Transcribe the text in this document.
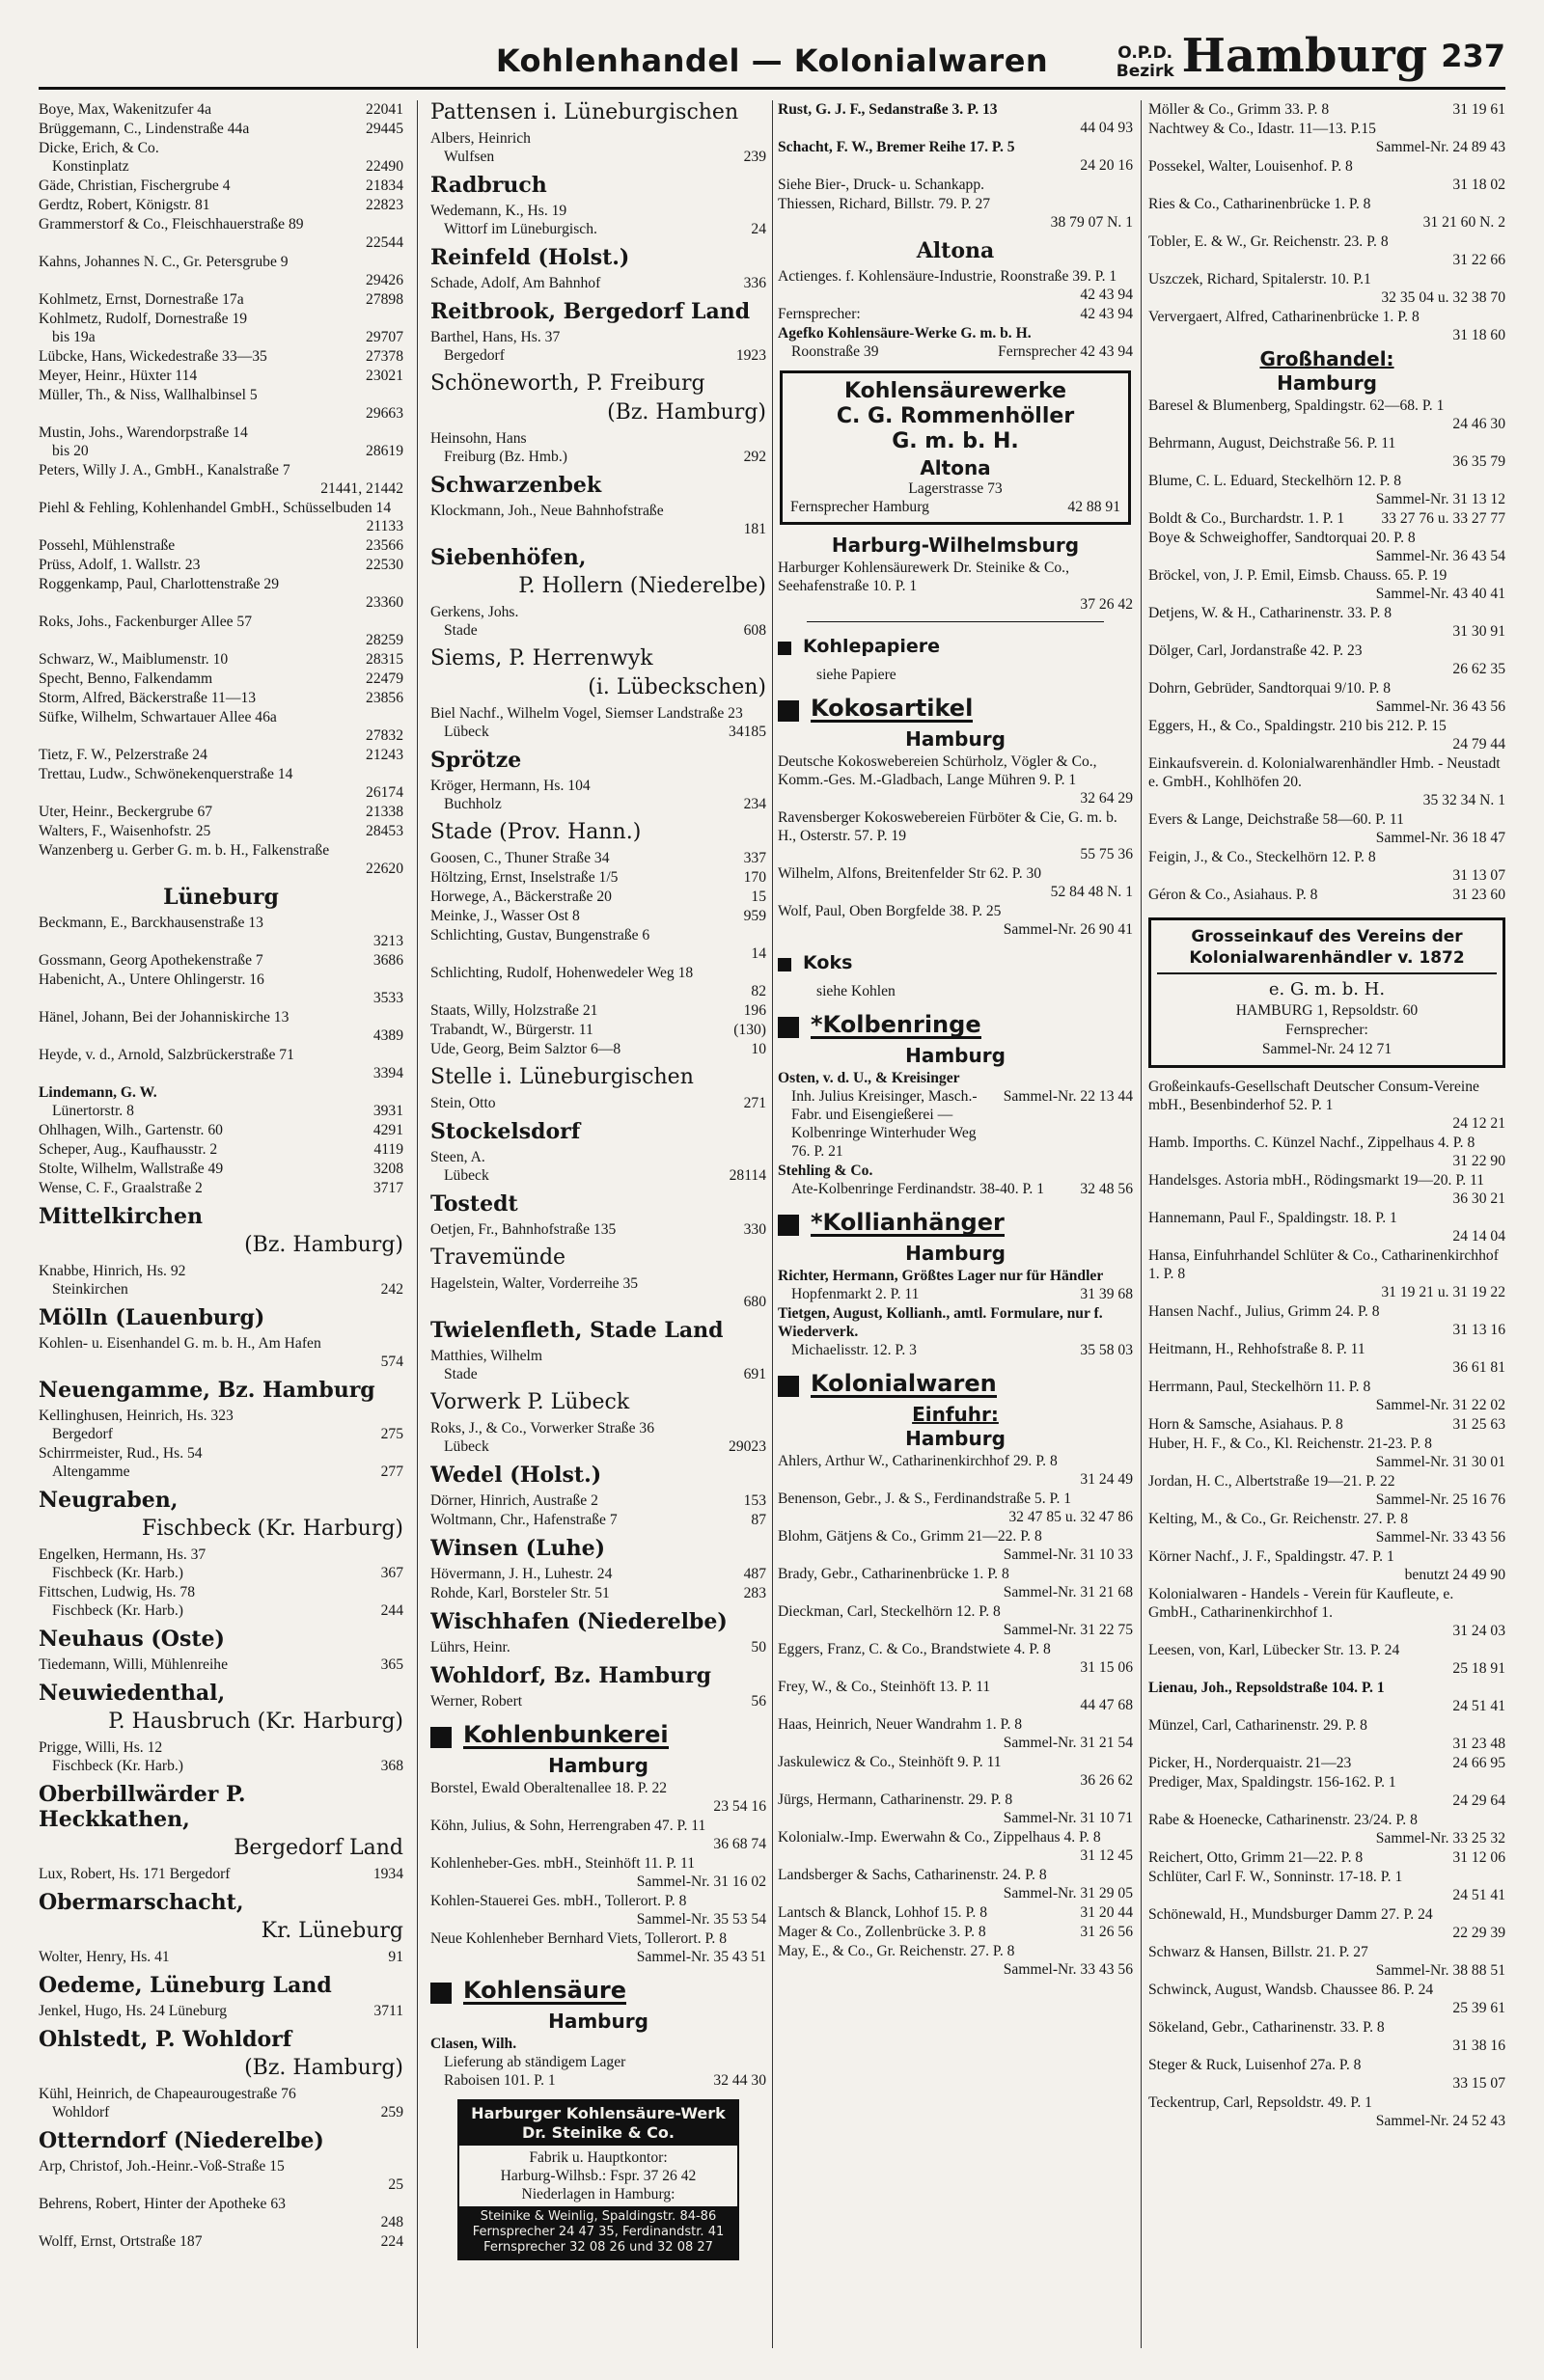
Kohlenhandel — Kolonialwaren	O.P.D.
Bezirk Hamburg 237
Boye, Max, Wakenitzufer 4a	22041
Brüggemann, C., Lindenstraße 44a	29445
Dicke, Erich, & Co.
Konstinplatz	22490
Gäde, Christian, Fischergrube 4	21834
Gerdtz, Robert, Königstr. 81	22823
Grammerstorf & Co., Fleischhauerstraße 89
22544
Kahns, Johannes N. C., Gr. Petersgrube 9
29426
Kohlmetz, Ernst, Dornestraße 17a	27898
Kohlmetz, Rudolf, Dornestraße 19
bis 19a	29707
Lübcke, Hans, Wickedestraße 33—35	27378
Meyer, Heinr., Hüxter 114	23021
Müller, Th., & Niss, Wallhalbinsel 5
29663
Mustin, Johs., Warendorpstraße 14
bis 20	28619
Peters, Willy J. A., GmbH., Kanalstraße 7
21441, 21442
Piehl & Fehling, Kohlenhandel GmbH., Schüsselbuden 14
21133
Possehl, Mühlenstraße	23566
Prüss, Adolf, 1. Wallstr. 23	22530
Roggenkamp, Paul, Charlottenstraße 29
23360
Roks, Johs., Fackenburger Allee 57
28259
Schwarz, W., Maiblumenstr. 10	28315
Specht, Benno, Falkendamm	22479
Storm, Alfred, Bäckerstraße 11—13	23856
Süfke, Wilhelm, Schwartauer Allee 46a
27832
Tietz, F. W., Pelzerstraße 24	21243
Trettau, Ludw., Schwönekenquerstraße 14
26174
Uter, Heinr., Beckergrube 67	21338
Walters, F., Waisenhofstr. 25	28453
Wanzenberg u. Gerber G. m. b. H., Falkenstraße
22620
Lüneburg
Beckmann, E., Barckhausenstraße 13
3213
Gossmann, Georg Apothekenstraße 7	3686
Habenicht, A., Untere Ohlingerstr. 16
3533
Hänel, Johann, Bei der Johanniskirche 13
4389
Heyde, v. d., Arnold, Salzbrückerstraße 71
3394
Lindemann, G. W.
Lünertorstr. 8	3931
Ohlhagen, Wilh., Gartenstr. 60	4291
Scheper, Aug., Kaufhausstr. 2	4119
Stolte, Wilhelm, Wallstraße 49	3208
Wense, C. F., Graalstraße 2	3717
Mittelkirchen
(Bz. Hamburg)
Knabbe, Hinrich, Hs. 92
Steinkirchen	242
Mölln (Lauenburg)
Kohlen- u. Eisenhandel G. m. b. H., Am Hafen
574
Neuengamme, Bz. Hamburg
Kellinghusen, Heinrich, Hs. 323
Bergedorf	275
Schirrmeister, Rud., Hs. 54
Altengamme	277
Neugraben,
Fischbeck (Kr. Harburg)
Engelken, Hermann, Hs. 37
Fischbeck (Kr. Harb.)	367
Fittschen, Ludwig, Hs. 78
Fischbeck (Kr. Harb.)	244
Neuhaus (Oste)
Tiedemann, Willi, Mühlenreihe	365
Neuwiedenthal,
P. Hausbruch (Kr. Harburg)
Prigge, Willi, Hs. 12
Fischbeck (Kr. Harb.)	368
Oberbillwärder P. Heckkathen,
Bergedorf Land
Lux, Robert, Hs. 171 Bergedorf	1934
Obermarschacht,
Kr. Lüneburg
Wolter, Henry, Hs. 41	91
Oedeme, Lüneburg Land
Jenkel, Hugo, Hs. 24 Lüneburg	3711
Ohlstedt, P. Wohldorf
(Bz. Hamburg)
Kühl, Heinrich, de Chapeaurougestraße 76
Wohldorf	259
Otterndorf (Niederelbe)
Arp, Christof, Joh.-Heinr.-Voß-Straße 15
25
Behrens, Robert, Hinter der Apotheke 63
248
Wolff, Ernst, Ortstraße 187	224
Pattensen i. Lüneburgischen
Albers, Heinrich
Wulfsen	239
Radbruch
Wedemann, K., Hs. 19
Wittorf im Lüneburgisch.	24
Reinfeld (Holst.)
Schade, Adolf, Am Bahnhof	336
Reitbrook, Bergedorf Land
Barthel, Hans, Hs. 37
Bergedorf	1923
Schöneworth, P. Freiburg
(Bz. Hamburg)
Heinsohn, Hans
Freiburg (Bz. Hmb.)	292
Schwarzenbek
Klockmann, Joh., Neue Bahnhofstraße
181
Siebenhöfen,
P. Hollern (Niederelbe)
Gerkens, Johs.
Stade	608
Siems, P. Herrenwyk
(i. Lübeckschen)
Biel Nachf., Wilhelm Vogel, Siemser Landstraße 23
Lübeck	34185
Sprötze
Kröger, Hermann, Hs. 104
Buchholz	234
Stade (Prov. Hann.)
Goosen, C., Thuner Straße 34	337
Höltzing, Ernst, Inselstraße 1/5	170
Horwege, A., Bäckerstraße 20	15
Meinke, J., Wasser Ost 8	959
Schlichting, Gustav, Bungenstraße 6
14
Schlichting, Rudolf, Hohenwedeler Weg 18
82
Staats, Willy, Holzstraße 21	196
Trabandt, W., Bürgerstr. 11	(130)
Ude, Georg, Beim Salztor 6—8	10
Stelle i. Lüneburgischen
Stein, Otto	271
Stockelsdorf
Steen, A.
Lübeck	28114
Tostedt
Oetjen, Fr., Bahnhofstraße 135	330
Travemünde
Hagelstein, Walter, Vorderreihe 35
680
Twielenfleth, Stade Land
Matthies, Wilhelm
Stade	691
Vorwerk P. Lübeck
Roks, J., & Co., Vorwerker Straße 36
Lübeck	29023
Wedel (Holst.)
Dörner, Hinrich, Austraße 2	153
Woltmann, Chr., Hafenstraße 7	87
Winsen (Luhe)
Hövermann, J. H., Luhestr. 24	487
Rohde, Karl, Borsteler Str. 51	283
Wischhafen (Niederelbe)
Lührs, Heinr.	50
Wohldorf, Bz. Hamburg
Werner, Robert	56
Kohlenbunkerei
Hamburg
Borstel, Ewald Oberaltenallee 18. P. 22
23 54 16
Köhn, Julius, & Sohn, Herrengraben 47. P. 11
36 68 74
Kohlenheber-Ges. mbH., Steinhöft 11. P. 11
Sammel-Nr. 31 16 02
Kohlen-Stauerei Ges. mbH., Tollerort. P. 8
Sammel-Nr. 35 53 54
Neue Kohlenheber Bernhard Viets, Tollerort. P. 8
Sammel-Nr. 35 43 51
Kohlensäure
Hamburg
Clasen, Wilh.
Lieferung ab ständigem Lager
Raboisen 101. P. 1	32 44 30
Harburger Kohlensäure-Werk
Dr. Steinike & Co.
Fabrik u. Hauptkontor:
Harburg-Wilhsb.: Fspr. 37 26 42
Niederlagen in Hamburg:
Steinike & Weinlig, Spaldingstr. 84-86
Fernsprecher 24 47 35, Ferdinandstr. 41
Fernsprecher 32 08 26 und 32 08 27
Rust, G. J. F., Sedanstraße 3. P. 13
44 04 93
Schacht, F. W., Bremer Reihe 17. P. 5
24 20 16
Siehe Bier-, Druck- u. Schankapp.
Thiessen, Richard, Billstr. 79. P. 27
38 79 07 N. 1
Altona
Actienges. f. Kohlensäure-Industrie, Roonstraße 39. P. 1
42 43 94
Fernsprecher:	42 43 94
Agefko Kohlensäure-Werke G. m. b. H.
Roonstraße 39	Fernsprecher 42 43 94
Kohlensäurewerke
C. G. Rommenhöller
G. m. b. H.
Altona
Lagerstrasse 73
Fernsprecher Hamburg	42 88 91
Harburg-Wilhelmsburg
Harburger Kohlensäurewerk Dr. Steinike & Co., Seehafenstraße 10. P. 1
37 26 42
Kohlepapiere
siehe Papiere
Kokosartikel
Hamburg
Deutsche Kokoswebereien Schürholz, Vögler & Co., Komm.-Ges. M.-Gladbach, Lange Mühren 9. P. 1
32 64 29
Ravensberger Kokoswebereien Fürböter & Cie, G. m. b. H., Osterstr. 57. P. 19
55 75 36
Wilhelm, Alfons, Breitenfelder Str 62. P. 30
52 84 48 N. 1
Wolf, Paul, Oben Borgfelde 38. P. 25
Sammel-Nr. 26 90 41
Koks
siehe Kohlen
*Kolbenringe
Hamburg
Osten, v. d. U., & Kreisinger
Inh. Julius Kreisinger, Masch.-Fabr. und Eisengießerei — Kolbenringe Winterhuder Weg 76. P. 21
Sammel-Nr. 22 13 44
Stehling & Co.
Ate-Kolbenringe Ferdinandstr. 38-40. P. 1	32 48 56
*Kollianhänger
Hamburg
Richter, Hermann, Größtes Lager nur für Händler
Hopfenmarkt 2. P. 11	31 39 68
Tietgen, August, Kollianh., amtl. Formulare, nur f. Wiederverk.
Michaelisstr. 12. P. 3	35 58 03
Kolonialwaren
Einfuhr:
Hamburg
Ahlers, Arthur W., Catharinenkirchhof 29. P. 8
31 24 49
Benenson, Gebr., J. & S., Ferdinandstraße 5. P. 1
32 47 85 u. 32 47 86
Blohm, Gätjens & Co., Grimm 21—22. P. 8
Sammel-Nr. 31 10 33
Brady, Gebr., Catharinenbrücke 1. P. 8
Sammel-Nr. 31 21 68
Dieckman, Carl, Steckelhörn 12. P. 8
Sammel-Nr. 31 22 75
Eggers, Franz, C. & Co., Brandstwiete 4. P. 8
31 15 06
Frey, W., & Co., Steinhöft 13. P. 11
44 47 68
Haas, Heinrich, Neuer Wandrahm 1. P. 8
Sammel-Nr. 31 21 54
Jaskulewicz & Co., Steinhöft 9. P. 11
36 26 62
Jürgs, Hermann, Catharinenstr. 29. P. 8
Sammel-Nr. 31 10 71
Kolonialw.-Imp. Ewerwahn & Co., Zippelhaus 4. P. 8
31 12 45
Landsberger & Sachs, Catharinenstr. 24. P. 8
Sammel-Nr. 31 29 05
Lantsch & Blanck, Lohhof 15. P. 8	31 20 44
Mager & Co., Zollenbrücke 3. P. 8	31 26 56
May, E., & Co., Gr. Reichenstr. 27. P. 8
Sammel-Nr. 33 43 56
Möller & Co., Grimm 33. P. 8	31 19 61
Nachtwey & Co., Idastr. 11—13. P.15
Sammel-Nr. 24 89 43
Possekel, Walter, Louisenhof. P. 8
31 18 02
Ries & Co., Catharinenbrücke 1. P. 8
31 21 60 N. 2
Tobler, E. & W., Gr. Reichenstr. 23. P. 8
31 22 66
Uszczek, Richard, Spitalerstr. 10. P.1
32 35 04 u. 32 38 70
Ververgaert, Alfred, Catharinenbrücke 1. P. 8
31 18 60
Großhandel:
Hamburg
Baresel & Blumenberg, Spaldingstr. 62—68. P. 1
24 46 30
Behrmann, August, Deichstraße 56. P. 11
36 35 79
Blume, C. L. Eduard, Steckelhörn 12. P. 8
Sammel-Nr. 31 13 12
Boldt & Co., Burchardstr. 1. P. 1	33 27 76 u. 33 27 77
Boye & Schweighoffer, Sandtorquai 20. P. 8
Sammel-Nr. 36 43 54
Bröckel, von, J. P. Emil, Eimsb. Chauss. 65. P. 19
Sammel-Nr. 43 40 41
Detjens, W. & H., Catharinenstr. 33. P. 8
31 30 91
Dölger, Carl, Jordanstraße 42. P. 23
26 62 35
Dohrn, Gebrüder, Sandtorquai 9/10. P. 8
Sammel-Nr. 36 43 56
Eggers, H., & Co., Spaldingstr. 210 bis 212. P. 15
24 79 44
Einkaufsverein. d. Kolonialwarenhändler Hmb. - Neustadt e. GmbH., Kohlhöfen 20.
35 32 34 N. 1
Evers & Lange, Deichstraße 58—60. P. 11
Sammel-Nr. 36 18 47
Feigin, J., & Co., Steckelhörn 12. P. 8
31 13 07
Géron & Co., Asiahaus. P. 8	31 23 60
Grosseinkauf des Vereins der
Kolonialwarenhändler v. 1872
e. G. m. b. H.
HAMBURG 1, Repsoldstr. 60
Fernsprecher:
Sammel-Nr. 24 12 71
Großeinkaufs-Gesellschaft Deutscher Consum-Vereine mbH., Besenbinderhof 52. P. 1
24 12 21
Hamb. Imporths. C. Künzel Nachf., Zippelhaus 4. P. 8
31 22 90
Handelsges. Astoria mbH., Rödingsmarkt 19—20. P. 11
36 30 21
Hannemann, Paul F., Spaldingstr. 18. P. 1
24 14 04
Hansa, Einfuhrhandel Schlüter & Co., Catharinenkirchhof 1. P. 8
31 19 21 u. 31 19 22
Hansen Nachf., Julius, Grimm 24. P. 8
31 13 16
Heitmann, H., Rehhofstraße 8. P. 11
36 61 81
Herrmann, Paul, Steckelhörn 11. P. 8
Sammel-Nr. 31 22 02
Horn & Samsche, Asiahaus. P. 8	31 25 63
Huber, H. F., & Co., Kl. Reichenstr. 21-23. P. 8
Sammel-Nr. 31 30 01
Jordan, H. C., Albertstraße 19—21. P. 22
Sammel-Nr. 25 16 76
Kelting, M., & Co., Gr. Reichenstr. 27. P. 8
Sammel-Nr. 33 43 56
Körner Nachf., J. F., Spaldingstr. 47. P. 1
benutzt 24 49 90
Kolonialwaren - Handels - Verein für Kaufleute, e. GmbH., Catharinenkirchhof 1.
31 24 03
Leesen, von, Karl, Lübecker Str. 13. P. 24
25 18 91
Lienau, Joh., Repsoldstraße 104. P. 1
24 51 41
Münzel, Carl, Catharinenstr. 29. P. 8
31 23 48
Picker, H., Norderquaistr. 21—23	24 66 95
Prediger, Max, Spaldingstr. 156-162. P. 1
24 29 64
Rabe & Hoenecke, Catharinenstr. 23/24. P. 8
Sammel-Nr. 33 25 32
Reichert, Otto, Grimm 21—22. P. 8	31 12 06
Schlüter, Carl F. W., Sonninstr. 17-18. P. 1
24 51 41
Schönewald, H., Mundsburger Damm 27. P. 24
22 29 39
Schwarz & Hansen, Billstr. 21. P. 27
Sammel-Nr. 38 88 51
Schwinck, August, Wandsb. Chaussee 86. P. 24
25 39 61
Sökeland, Gebr., Catharinenstr. 33. P. 8
31 38 16
Steger & Ruck, Luisenhof 27a. P. 8
33 15 07
Teckentrup, Carl, Repsoldstr. 49. P. 1
Sammel-Nr. 24 52 43
